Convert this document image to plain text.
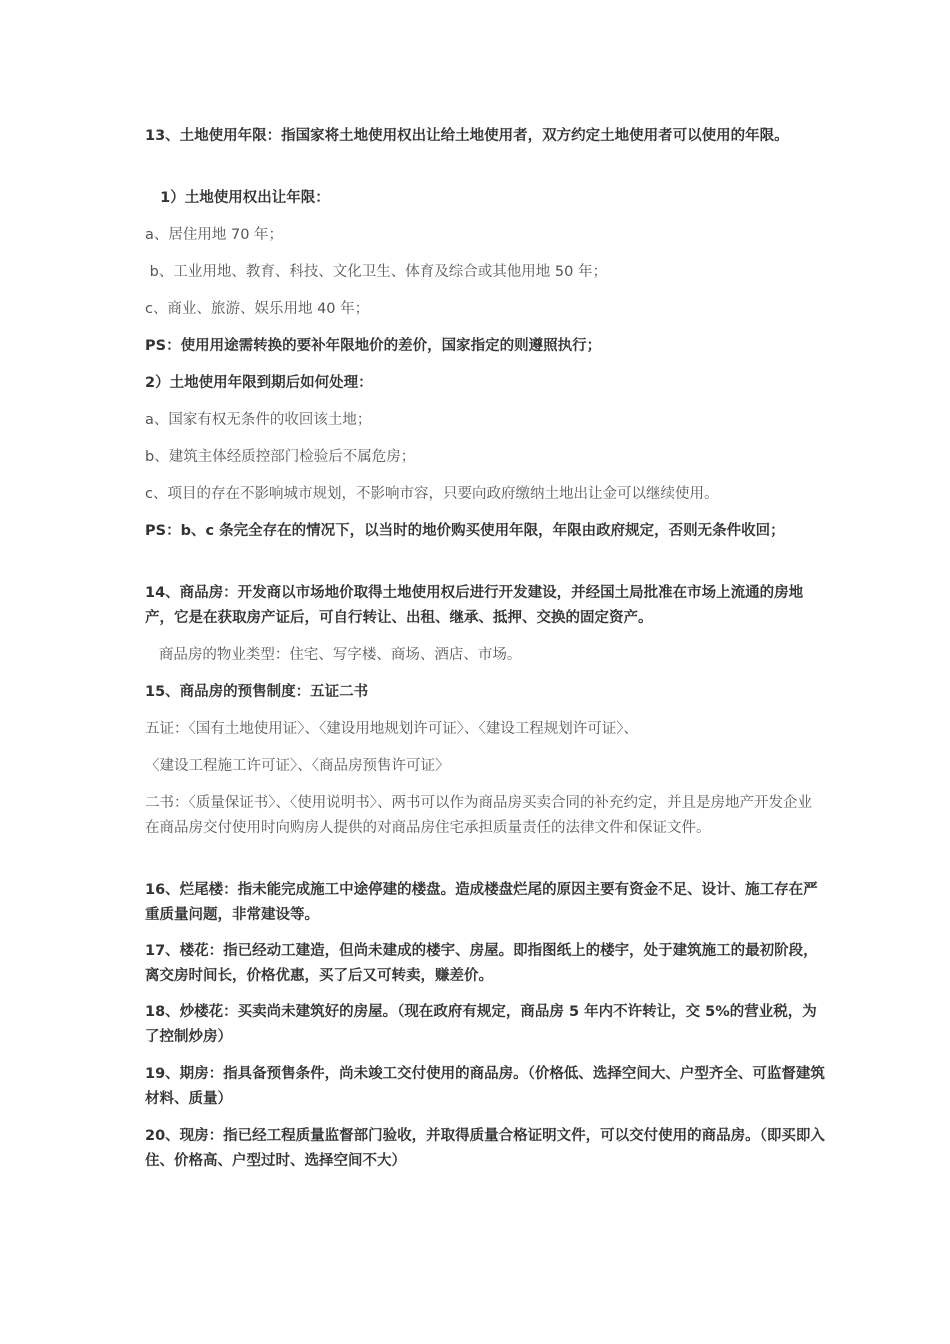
13、土地使用年限：指国家将土地使用权出让给土地使用者，双方约定土地使用者可以使用的年限。

1）土地使用权出让年限：

a、居住用地 70 年；

b、工业用地、教育、科技、文化卫生、体育及综合或其他用地 50 年；

c、商业、旅游、娱乐用地 40 年；

PS：使用用途需转换的要补年限地价的差价，国家指定的则遵照执行；

2）土地使用年限到期后如何处理：

a、国家有权无条件的收回该土地；

b、建筑主体经质控部门检验后不属危房；

c、项目的存在不影响城市规划，不影响市容，只要向政府缴纳土地出让金可以继续使用。

PS：b、c 条完全存在的情况下，以当时的地价购买使用年限，年限由政府规定，否则无条件收回；

14、商品房：开发商以市场地价取得土地使用权后进行开发建设，并经国土局批准在市场上流通的房地产，它是在获取房产证后，可自行转让、出租、继承、抵押、交换的固定资产。

商品房的物业类型：住宅、写字楼、商场、酒店、市场。

15、商品房的预售制度：五证二书

五证：〈国有土地使用证〉、〈建设用地规划许可证〉、〈建设工程规划许可证〉、

〈建设工程施工许可证〉、〈商品房预售许可证〉

二书：〈质量保证书〉、〈使用说明书〉、两书可以作为商品房买卖合同的补充约定，并且是房地产开发企业在商品房交付使用时向购房人提供的对商品房住宅承担质量责任的法律文件和保证文件。

16、烂尾楼：指未能完成施工中途停建的楼盘。造成楼盘烂尾的原因主要有资金不足、设计、施工存在严重质量问题，非常建设等。

17、楼花：指已经动工建造，但尚未建成的楼宇、房屋。即指图纸上的楼宇，处于建筑施工的最初阶段，离交房时间长，价格优惠，买了后又可转卖，赚差价。

18、炒楼花：买卖尚未建筑好的房屋。（现在政府有规定，商品房 5 年内不许转让，交 5%的营业税，为了控制炒房）

19、期房：指具备预售条件，尚未竣工交付使用的商品房。（价格低、选择空间大、户型齐全、可监督建筑材料、质量）

20、现房：指已经工程质量监督部门验收，并取得质量合格证明文件，可以交付使用的商品房。（即买即入住、价格高、户型过时、选择空间不大）
